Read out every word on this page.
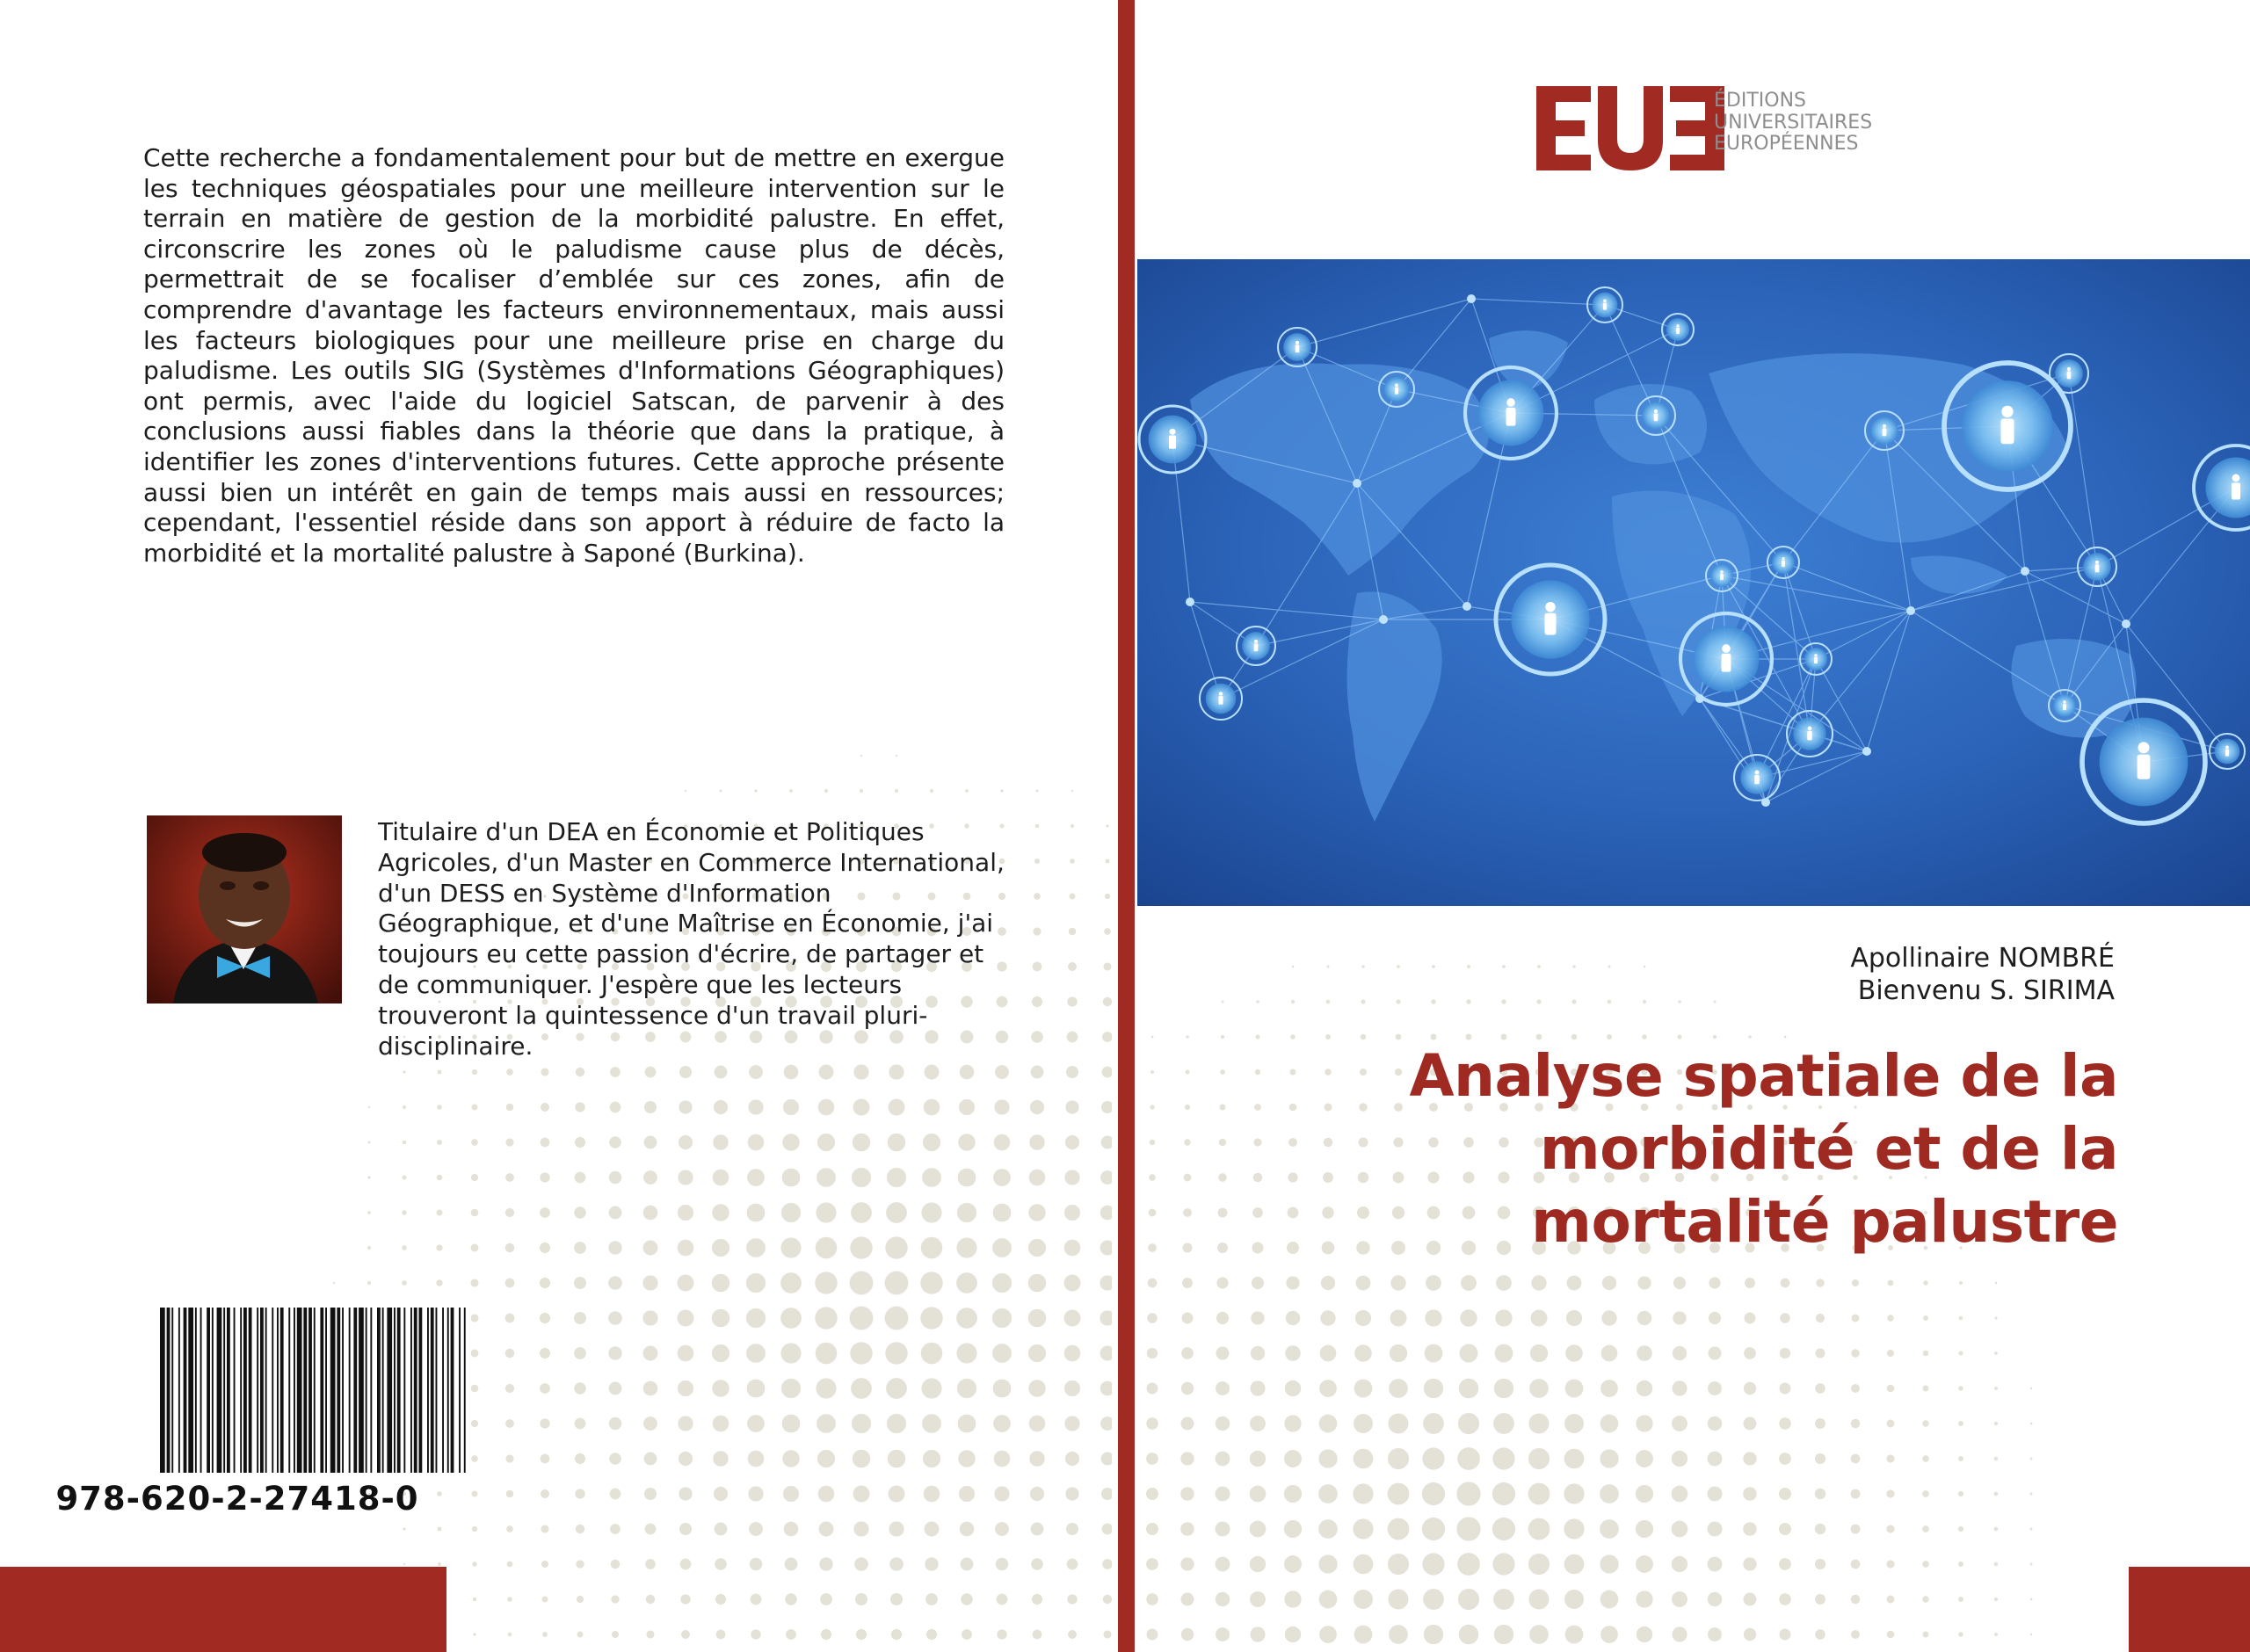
Cette recherche a fondamentalement pour but de mettre en exergue les techniques géospatiales pour une meilleure intervention sur le terrain en matière de gestion de la morbidité palustre. En effet, circonscrire les zones où le paludisme cause plus de décès, permettrait de se focaliser d’emblée sur ces zones, afin de comprendre d'avantage les facteurs environnementaux, mais aussi les facteurs biologiques pour une meilleure prise en charge du paludisme. Les outils SIG (Systèmes d'Informations Géographiques) ont permis, avec l'aide du logiciel Satscan, de parvenir à des conclusions aussi fiables dans la théorie que dans la pratique, à identifier les zones d'interventions futures. Cette approche présente aussi bien un intérêt en gain de temps mais aussi en ressources; cependant, l'essentiel réside dans son apport à réduire de facto la morbidité et la mortalité palustre à Saponé (Burkina).

Titulaire d'un DEA en Économie et Politiques Agricoles, d'un Master en Commerce International, d'un DESS en Système d'Information Géographique, et d'une Maîtrise en Économie, j'ai toujours eu cette passion d'écrire, de partager et de communiquer. J'espère que les lecteurs trouveront la quintessence d'un travail pluri-disciplinaire.

978-620-2-27418-0
ÉDITIONS
UNIVERSITAIRES
EUROPÉENNES
Apollinaire NOMBRÉ
Bienvenu S. SIRIMA
Analyse spatiale de la
morbidité et de la
mortalité palustre
